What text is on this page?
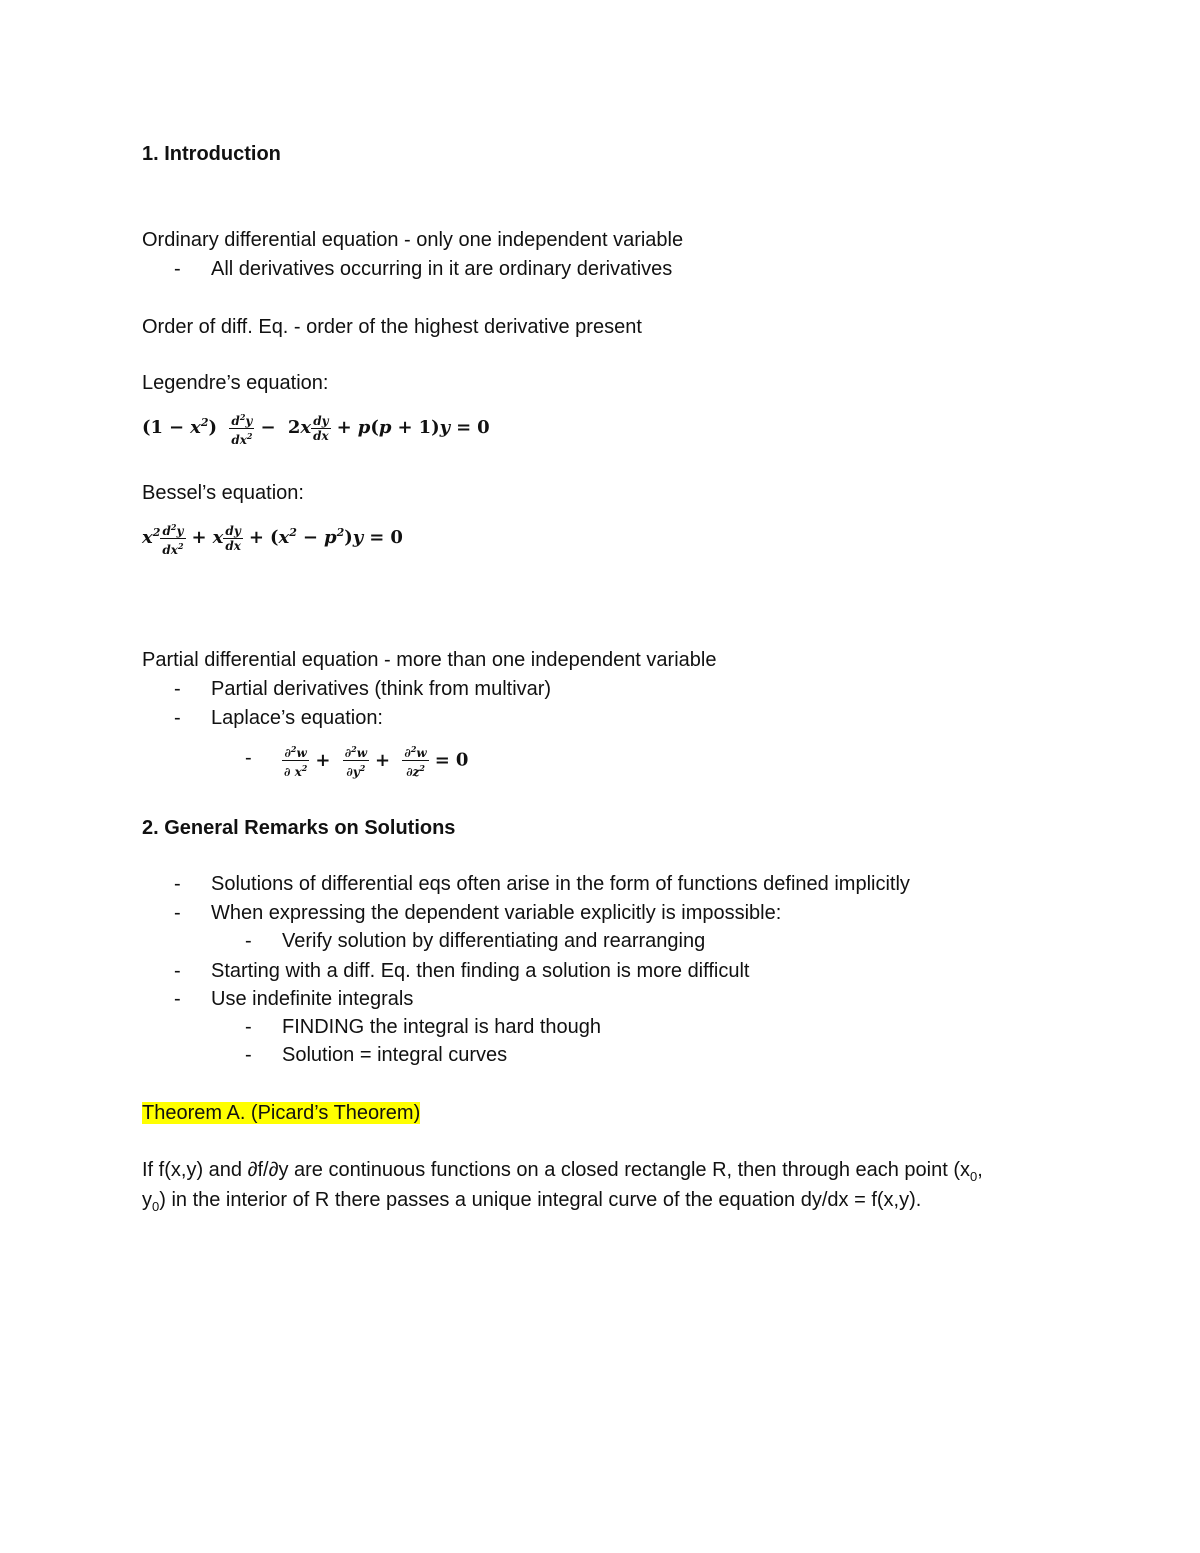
1. Introduction
Ordinary differential equation - only one independent variable
- All derivatives occurring in it are ordinary derivatives
Order of diff. Eq. - order of the highest derivative present
Legendre’s equation:
$(1 - x^2) \frac{d^2y}{dx^2} - 2x \frac{dy}{dx} + p(p + 1)y = 0$
Bessel’s equation:
$x^2 \frac{d^2y}{dx^2} + x \frac{dy}{dx} + (x^2 - p^2)y = 0$
Partial differential equation - more than one independent variable
- Partial derivatives (think from multivar)
- Laplace’s equation:
-	$\frac{\partial^2w}{\partial x^2} + \frac{\partial^2w}{\partial y^2} + \frac{\partial^2w}{\partial z^2} = 0$
2. General Remarks on Solutions
- Solutions of differential eqs often arise in the form of functions defined implicitly
- When expressing the dependent variable explicitly is impossible:
- Verify solution by differentiating and rearranging
- Starting with a diff. Eq. then finding a solution is more difficult
- Use indefinite integrals
- FINDING the integral is hard though
- Solution = integral curves
Theorem A. (Picard’s Theorem)
If f(x,y) and ∂f/∂y are continuous functions on a closed rectangle R, then through each point ($x_0$,
$y_0$) in the interior of R there passes a unique integral curve of the equation dy/dx = f(x,y).
